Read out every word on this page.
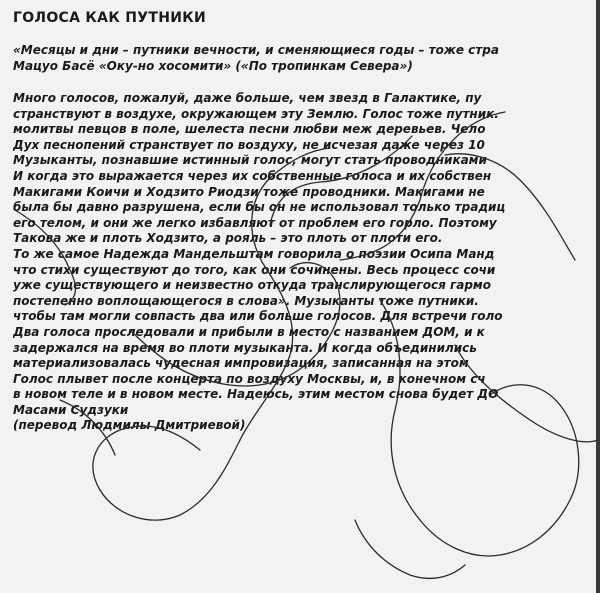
ГОЛОСА КАК ПУТНИКИ
«Месяцы и дни – путники вечности, и сменяющиеся годы – тоже стра
Мацуо Басё «Оку-но хосомити» («По тропинкам Севера»)
Много голосов, пожалуй, даже больше, чем звезд в Галактике, пу
странствуют в воздухе, окружающем эту Землю. Голос тоже путник.
молитвы певцов в поле, шелеста песни любви меж деревьев. Чело
Дух песнопений странствует по воздуху, не исчезая даже через 10
Музыканты, познавшие истинный голос, могут стать проводниками
И когда это выражается через их собственные голоса и их собствен
Макигами Коичи и Ходзито Риодзи тоже проводники. Макигами не
была бы давно разрушена, если бы он не использовал только традиц
его телом, и они же легко избавляют от проблем его горло. Поэтому
Такова же и плоть Ходзито, а рояль – это плоть от плоти его.
То же самое Надежда Мандельштам говорила о поэзии Осипа Манд
что стихи существуют до того, как они сочинены. Весь процесс сочи
уже существующего и неизвестно откуда транслирующегося гармо
постепенно воплощающегося в слова». Музыканты тоже путники.
чтобы там могли совпасть два или больше голосов. Для встречи голо
Два голоса проследовали и прибыли в место с названием ДОМ, и к
задержался на время во плоти музыканта. И когда объединились
материализовалась чудесная импровизация, записанная на этом
Голос плывет после концерта по воздуху Москвы, и, в конечном сч
в новом теле и в новом месте. Надеюсь, этим местом снова будет ДО
Масами Судзуки
(перевод Людмилы Дмитриевой)
